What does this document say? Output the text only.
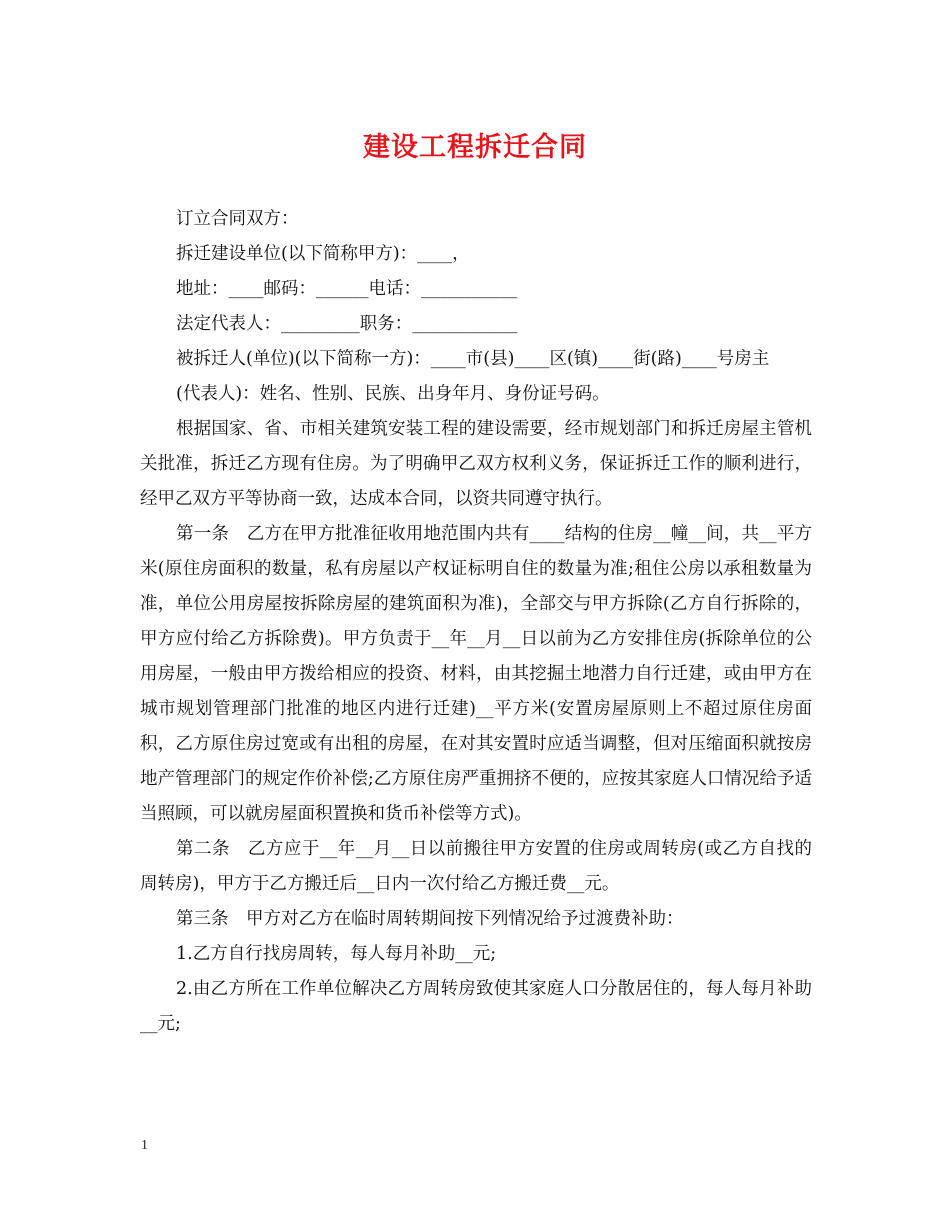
建设工程拆迁合同

订立合同双方：

拆迁建设单位(以下简称甲方)：____，

地址：____邮码：______电话：___________

法定代表人：_________职务：____________

被拆迁人(单位)(以下简称一方)：____市(县)____区(镇)____街(路)____号房主

(代表人)：姓名、性别、民族、出身年月、身份证号码。

根据国家、省、市相关建筑安装工程的建设需要，经市规划部门和拆迁房屋主管机关批准，拆迁乙方现有住房。为了明确甲乙双方权利义务，保证拆迁工作的顺利进行，经甲乙双方平等协商一致，达成本合同，以资共同遵守执行。

第一条　乙方在甲方批准征收用地范围内共有____结构的住房__幢__间，共__平方米(原住房面积的数量，私有房屋以产权证标明自住的数量为准;租住公房以承租数量为准，单位公用房屋按拆除房屋的建筑面积为准)，全部交与甲方拆除(乙方自行拆除的，甲方应付给乙方拆除费)。甲方负责于__年__月__日以前为乙方安排住房(拆除单位的公用房屋，一般由甲方拨给相应的投资、材料，由其挖掘土地潜力自行迁建，或由甲方在城市规划管理部门批准的地区内进行迁建)__平方米(安置房屋原则上不超过原住房面积，乙方原住房过宽或有出租的房屋，在对其安置时应适当调整，但对压缩面积就按房地产管理部门的规定作价补偿;乙方原住房严重拥挤不便的，应按其家庭人口情况给予适当照顾，可以就房屋面积置换和货币补偿等方式)。

第二条　乙方应于__年__月__日以前搬往甲方安置的住房或周转房(或乙方自找的周转房)，甲方于乙方搬迁后__日内一次付给乙方搬迁费__元。

第三条　甲方对乙方在临时周转期间按下列情况给予过渡费补助：

1.乙方自行找房周转，每人每月补助__元;

2.由乙方所在工作单位解决乙方周转房致使其家庭人口分散居住的，每人每月补助__元;

1
